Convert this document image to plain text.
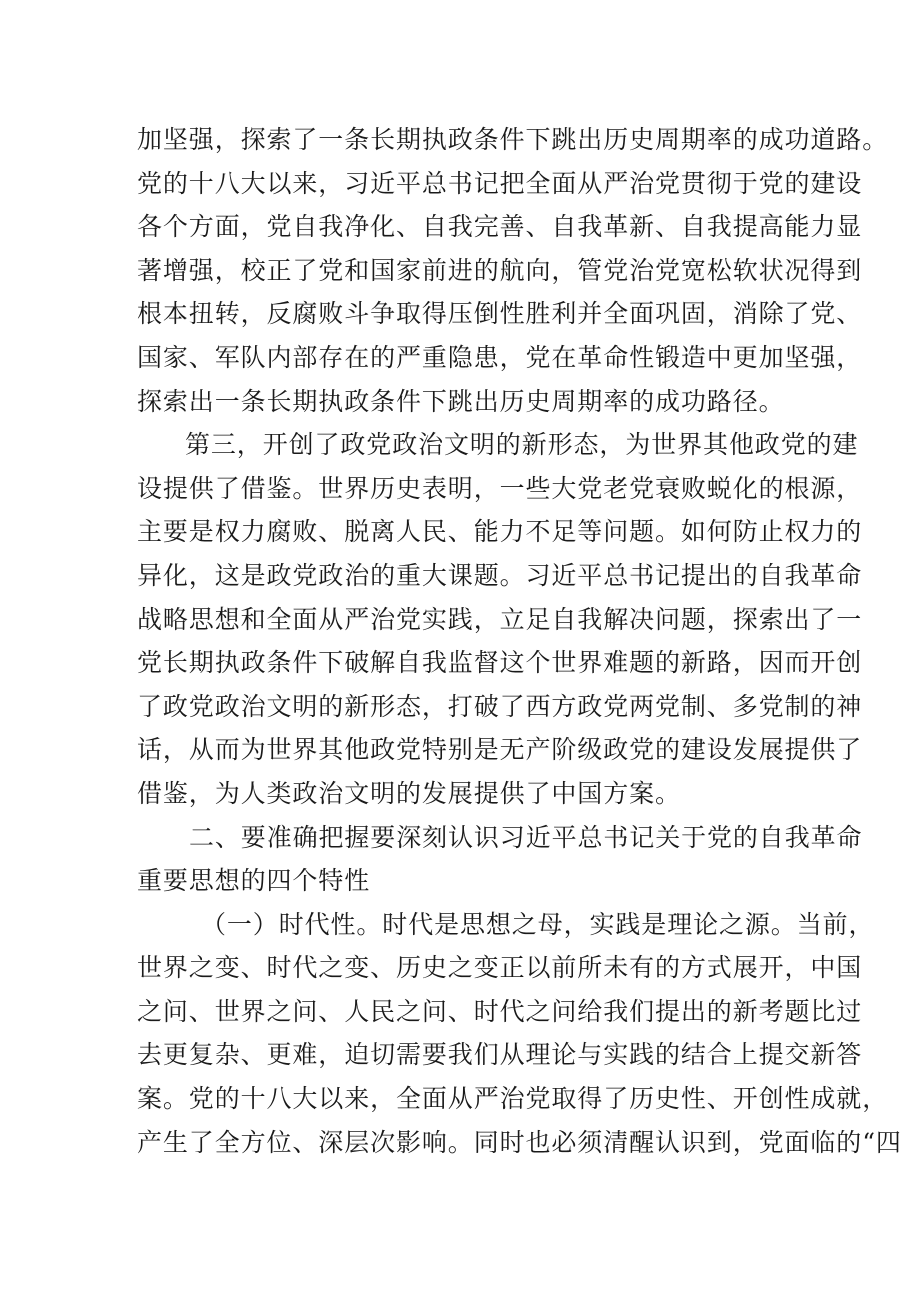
加坚强，探索了一条长期执政条件下跳出历史周期率的成功道路。
党的十八大以来，习近平总书记把全面从严治党贯彻于党的建设
各个方面，党自我净化、自我完善、自我革新、自我提高能力显
著增强，校正了党和国家前进的航向，管党治党宽松软状况得到
根本扭转，反腐败斗争取得压倒性胜利并全面巩固，消除了党、
国家、军队内部存在的严重隐患，党在革命性锻造中更加坚强，
探索出一条长期执政条件下跳出历史周期率的成功路径。
第三，开创了政党政治文明的新形态，为世界其他政党的建
设提供了借鉴。世界历史表明，一些大党老党衰败蜕化的根源，
主要是权力腐败、脱离人民、能力不足等问题。如何防止权力的
异化，这是政党政治的重大课题。习近平总书记提出的自我革命
战略思想和全面从严治党实践，立足自我解决问题，探索出了一
党长期执政条件下破解自我监督这个世界难题的新路，因而开创
了政党政治文明的新形态，打破了西方政党两党制、多党制的神
话，从而为世界其他政党特别是无产阶级政党的建设发展提供了
借鉴，为人类政治文明的发展提供了中国方案。
二、要准确把握要深刻认识习近平总书记关于党的自我革命
重要思想的四个特性
（一）时代性。时代是思想之母，实践是理论之源。当前，
世界之变、时代之变、历史之变正以前所未有的方式展开，中国
之问、世界之问、人民之问、时代之问给我们提出的新考题比过
去更复杂、更难，迫切需要我们从理论与实践的结合上提交新答
案。党的十八大以来，全面从严治党取得了历史性、开创性成就，
产生了全方位、深层次影响。同时也必须清醒认识到，党面临的“四
